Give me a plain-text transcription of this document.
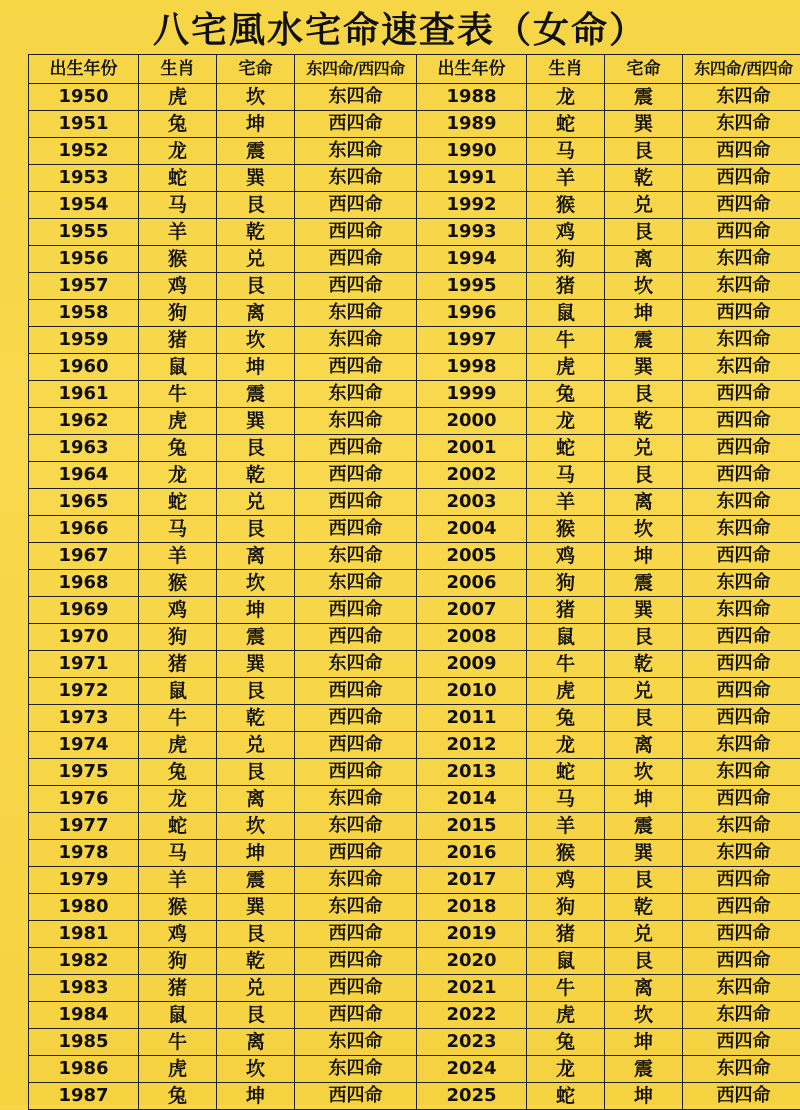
八宅風水宅命速查表（女命）
出生年份	生肖	宅命	东四命/西四命	出生年份	生肖	宅命	东四命/西四命
1950	虎	坎	东四命	1988	龙	震	东四命
1951	兔	坤	西四命	1989	蛇	巽	东四命
1952	龙	震	东四命	1990	马	艮	西四命
1953	蛇	巽	东四命	1991	羊	乾	西四命
1954	马	艮	西四命	1992	猴	兑	西四命
1955	羊	乾	西四命	1993	鸡	艮	西四命
1956	猴	兑	西四命	1994	狗	离	东四命
1957	鸡	艮	西四命	1995	猪	坎	东四命
1958	狗	离	东四命	1996	鼠	坤	西四命
1959	猪	坎	东四命	1997	牛	震	东四命
1960	鼠	坤	西四命	1998	虎	巽	东四命
1961	牛	震	东四命	1999	兔	艮	西四命
1962	虎	巽	东四命	2000	龙	乾	西四命
1963	兔	艮	西四命	2001	蛇	兑	西四命
1964	龙	乾	西四命	2002	马	艮	西四命
1965	蛇	兑	西四命	2003	羊	离	东四命
1966	马	艮	西四命	2004	猴	坎	东四命
1967	羊	离	东四命	2005	鸡	坤	西四命
1968	猴	坎	东四命	2006	狗	震	东四命
1969	鸡	坤	西四命	2007	猪	巽	东四命
1970	狗	震	西四命	2008	鼠	艮	西四命
1971	猪	巽	东四命	2009	牛	乾	西四命
1972	鼠	艮	西四命	2010	虎	兑	西四命
1973	牛	乾	西四命	2011	兔	艮	西四命
1974	虎	兑	西四命	2012	龙	离	东四命
1975	兔	艮	西四命	2013	蛇	坎	东四命
1976	龙	离	东四命	2014	马	坤	西四命
1977	蛇	坎	东四命	2015	羊	震	东四命
1978	马	坤	西四命	2016	猴	巽	东四命
1979	羊	震	东四命	2017	鸡	艮	西四命
1980	猴	巽	东四命	2018	狗	乾	西四命
1981	鸡	艮	西四命	2019	猪	兑	西四命
1982	狗	乾	西四命	2020	鼠	艮	西四命
1983	猪	兑	西四命	2021	牛	离	东四命
1984	鼠	艮	西四命	2022	虎	坎	东四命
1985	牛	离	东四命	2023	兔	坤	西四命
1986	虎	坎	东四命	2024	龙	震	东四命
1987	兔	坤	西四命	2025	蛇	坤	西四命
